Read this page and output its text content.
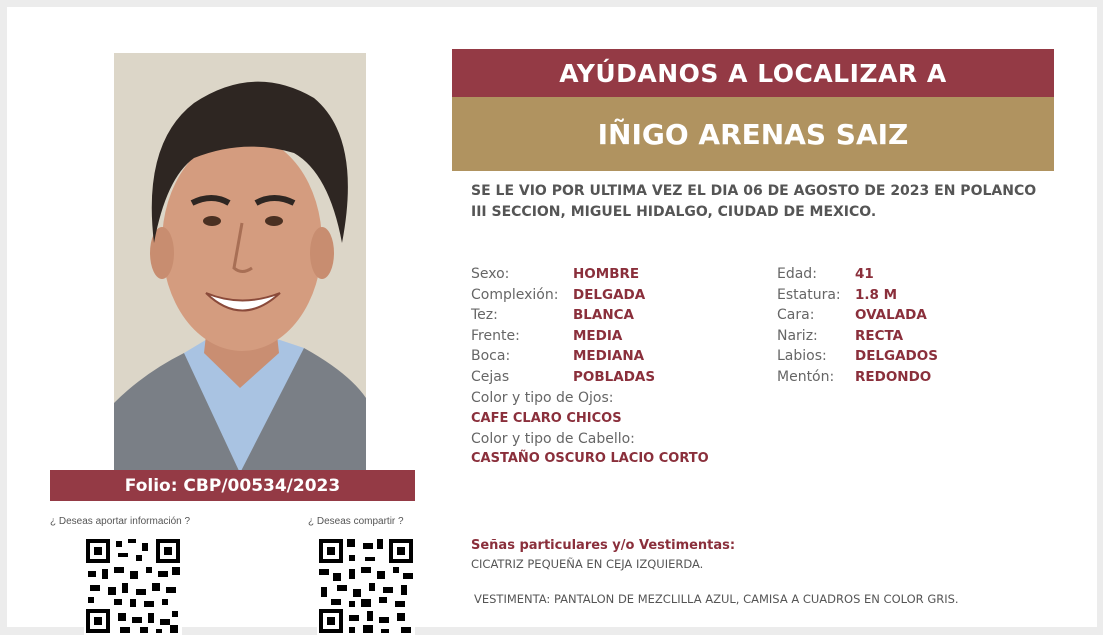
Folio: CBP/00534/2023
¿ Deseas aportar información ?	¿ Deseas compartir ?
AYÚDANOS A LOCALIZAR A
IÑIGO ARENAS SAIZ
SE LE VIO POR ULTIMA VEZ EL DIA 06 DE AGOSTO DE 2023 EN POLANCO III SECCION, MIGUEL HIDALGO, CIUDAD DE MEXICO.
Sexo:	HOMBRE
Complexión: DELGADA
Tez:	BLANCA
Frente:	MEDIA
Boca:	MEDIANA
Cejas	POBLADAS
Edad:	41
Estatura: 1.8 M
Cara:	OVALADA
Nariz:	RECTA
Labios: DELGADOS
Mentón: REDONDO
Color y tipo de Ojos:
CAFE CLARO CHICOS
Color y tipo de Cabello:
CASTAÑO OSCURO LACIO CORTO
Señas particulares y/o Vestimentas:
CICATRIZ PEQUEÑA EN CEJA IZQUIERDA.
VESTIMENTA: PANTALON DE MEZCLILLA AZUL, CAMISA A CUADROS EN COLOR GRIS.
